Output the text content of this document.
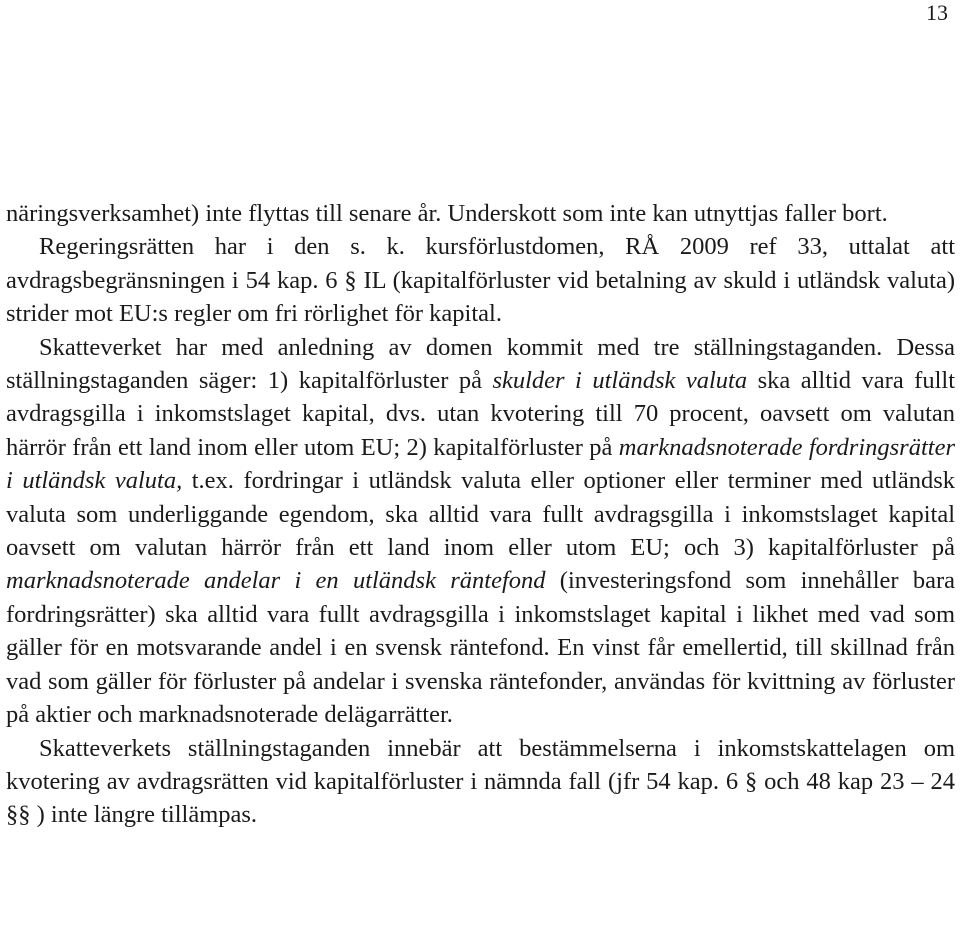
13

näringsverksamhet) inte flyttas till senare år. Underskott som inte kan utnyttjas faller bort.

Regeringsrätten har i den s. k. kursförlustdomen, RÅ 2009 ref 33, uttalat att avdragsbegränsningen i 54 kap. 6 § IL (kapitalförluster vid betalning av skuld i utländsk valuta) strider mot EU:s regler om fri rörlighet för kapital.

Skatteverket har med anledning av domen kommit med tre ställningstaganden. Dessa ställningstaganden säger: 1) kapitalförluster på skulder i utländsk valuta ska alltid vara fullt avdragsgilla i inkomstslaget kapital, dvs. utan kvotering till 70 procent, oavsett om valutan härrör från ett land inom eller utom EU; 2) kapitalförluster på marknadsnoterade fordringsrätter i utländsk valuta, t.ex. fordringar i utländsk valuta eller optioner eller terminer med utländsk valuta som underliggande egendom, ska alltid vara fullt avdragsgilla i inkomstslaget kapital oavsett om valutan härrör från ett land inom eller utom EU; och 3) kapitalförluster på marknadsnoterade andelar i en utländsk räntefond (investeringsfond som innehåller bara fordringsrätter) ska alltid vara fullt avdragsgilla i inkomstslaget kapital i likhet med vad som gäller för en motsvarande andel i en svensk räntefond. En vinst får emellertid, till skillnad från vad som gäller för förluster på andelar i svenska räntefonder, användas för kvittning av förluster på aktier och marknadsnoterade delägarrätter.

Skatteverkets ställningstaganden innebär att bestämmelserna i inkomstskattelagen om kvotering av avdragsrätten vid kapitalförluster i nämnda fall (jfr 54 kap. 6 § och 48 kap 23 – 24 §§ ) inte längre tillämpas.
